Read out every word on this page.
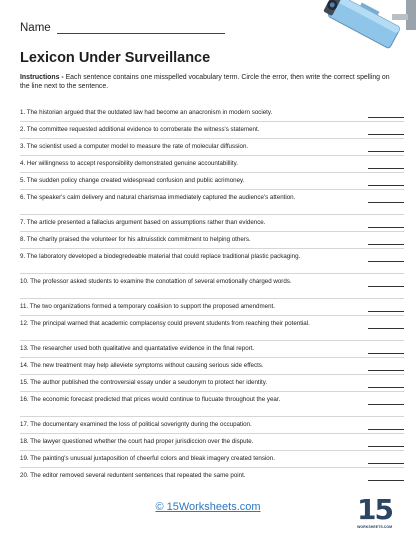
Name
Lexicon Under Surveillance
Instructions - Each sentence contains one misspelled vocabulary term. Circle the error, then write the correct spelling on the line next to the sentence.
1. The historian argued that the outdated law had become an anacronism in modern society.
2. The committee requested additional evidence to corroberate the witness's statement.
3. The scientist used a computer model to measure the rate of molecular diffussion.
4. Her willingness to accept responsibility demonstrated genuine accountabillity.
5. The sudden policy change created widespread confusion and public acrimoney.
6. The speaker's calm delivery and natural charismaa immediately captured the audience's attention.
7. The article presented a fallacius argument based on assumptions rather than evidence.
8. The charity praised the volunteer for his altruisstick commitment to helping others.
9. The laboratory developed a biodegredeable material that could replace traditional plastic packaging.
10. The professor asked students to examine the conotattion of several emotionally charged words.
11. The two organizations formed a temporary coalision to support the proposed amendment.
12. The principal warned that academic complacensy could prevent students from reaching their potential.
13. The researcher used both qualitative and quantatative evidence in the final report.
14. The new treatment may help alleviete symptoms without causing serious side effects.
15. The author published the controversial essay under a seudonym to protect her identity.
16. The economic forecast predicted that prices would continue to flucuate throughout the year.
17. The documentary examined the loss of political soverignty during the occupation.
18. The lawyer questioned whether the court had proper jurisdiccion over the dispute.
19. The painting's unusual juxtaposition of cheerful colors and bleak imagery created tension.
20. The editor removed several reduntent sentences that repeated the same point.
© 15Worksheets.com	15
WORKSHEETS.COM
